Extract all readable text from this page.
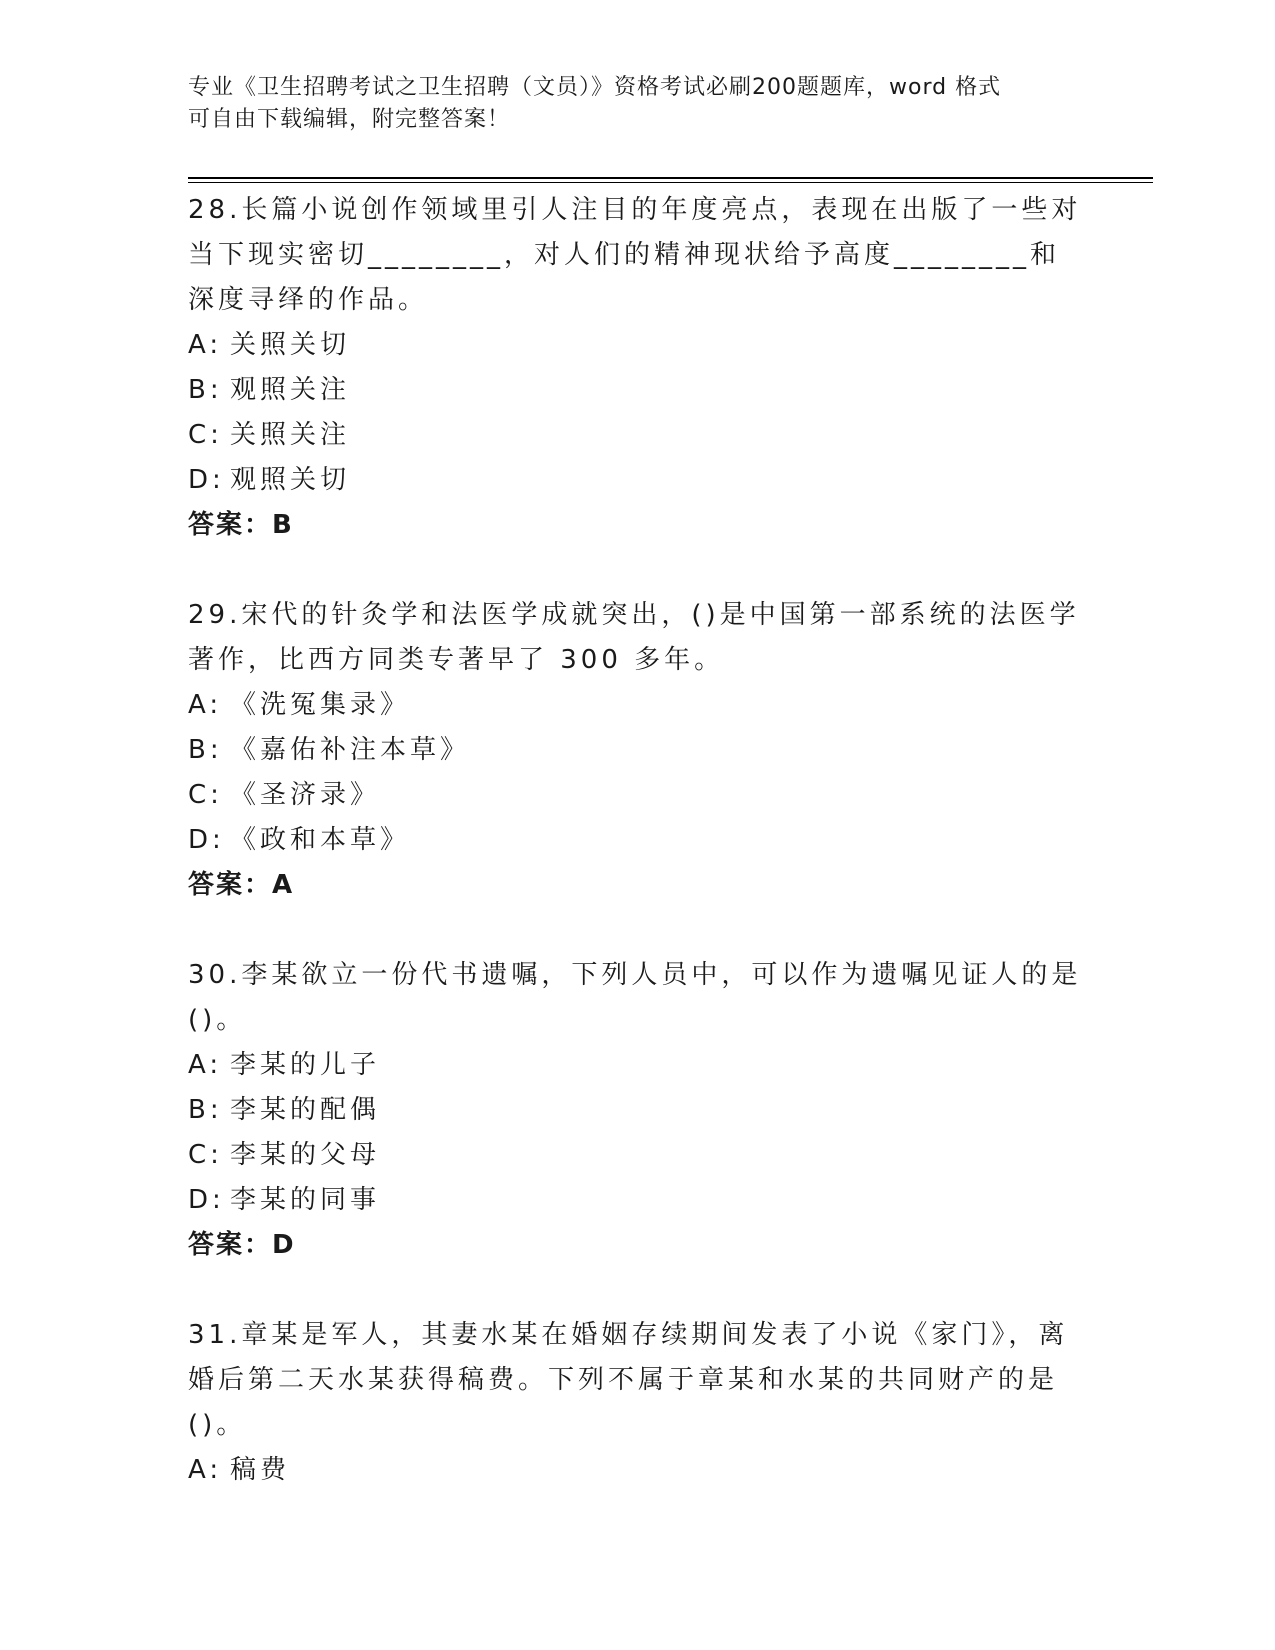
专业《卫生招聘考试之卫生招聘（文员）》资格考试必刷200题题库，word 格式
可自由下载编辑，附完整答案！

28.长篇小说创作领域里引人注目的年度亮点，表现在出版了一些对当下现实密切________，对人们的精神现状给予高度________和深度寻绎的作品。

A: 关照关切
B: 观照关注
C: 关照关注
D: 观照关切
答案：B

29.宋代的针灸学和法医学成就突出，()是中国第一部系统的法医学著作，比西方同类专著早了 300 多年。

A: 《洗冤集录》
B: 《嘉佑补注本草》
C: 《圣济录》
D: 《政和本草》
答案：A

30.李某欲立一份代书遗嘱，下列人员中，可以作为遗嘱见证人的是()。

A: 李某的儿子
B: 李某的配偶
C: 李某的父母
D: 李某的同事
答案：D

31.章某是军人，其妻水某在婚姻存续期间发表了小说《家门》，离婚后第二天水某获得稿费。下列不属于章某和水某的共同财产的是()。

A: 稿费
